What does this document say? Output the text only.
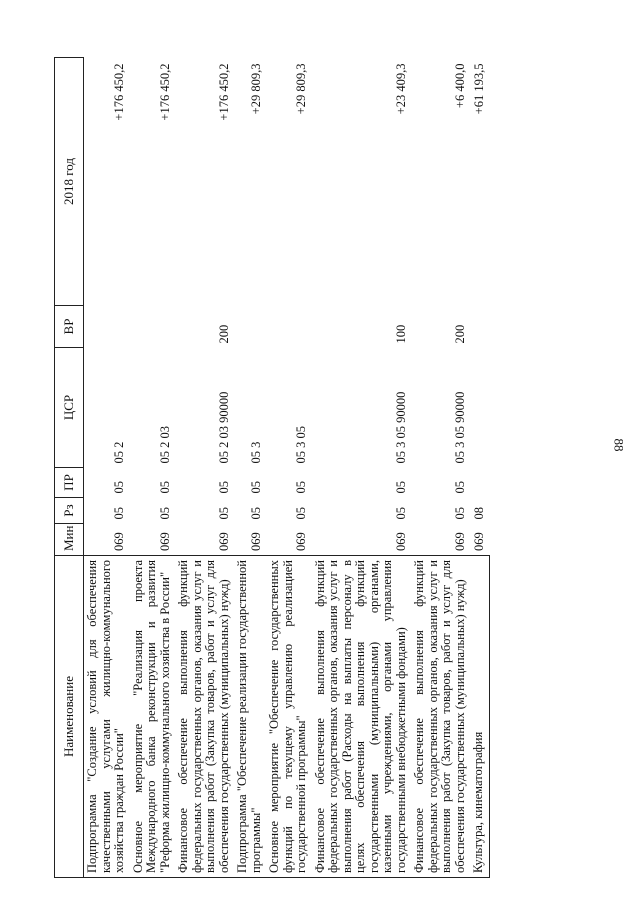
88
Наименование	Мин	Рз	ПР	ЦСР	ВР	2018 год
Подпрограмма "Создание условий для обеспечения качественными услугами жилищно-коммунального хозяйства граждан России"	069	05	05	05 2		+176 450,2
Основное мероприятие "Реализация проекта Международного банка реконструкции и развития "Реформа жилищно-коммунального хозяйства в России"	069	05	05	05 2 03		+176 450,2
Финансовое обеспечение выполнения функций федеральных государственных органов, оказания услуг и выполнения работ (Закупка товаров, работ и услуг для обеспечения государственных (муниципальных) нужд)	069	05	05	05 2 03 90000	200	+176 450,2
Подпрограмма "Обеспечение реализации государственной программы"	069	05	05	05 3		+29 809,3
Основное мероприятие "Обеспечение государственных функций по текущему управлению реализацией государственной программы"	069	05	05	05 3 05		+29 809,3
Финансовое обеспечение выполнения функций федеральных государственных органов, оказания услуг и выполнения работ (Расходы на выплаты персоналу в целях обеспечения выполнения функций государственными (муниципальными) органами, казенными учреждениями, органами управления государственными внебюджетными фондами)	069	05	05	05 3 05 90000	100	+23 409,3
Финансовое обеспечение выполнения функций федеральных государственных органов, оказания услуг и выполнения работ (Закупка товаров, работ и услуг для обеспечения государственных (муниципальных) нужд)	069	05	05	05 3 05 90000	200	+6 400,0
Культура, кинематография	069	08				+61 193,5
